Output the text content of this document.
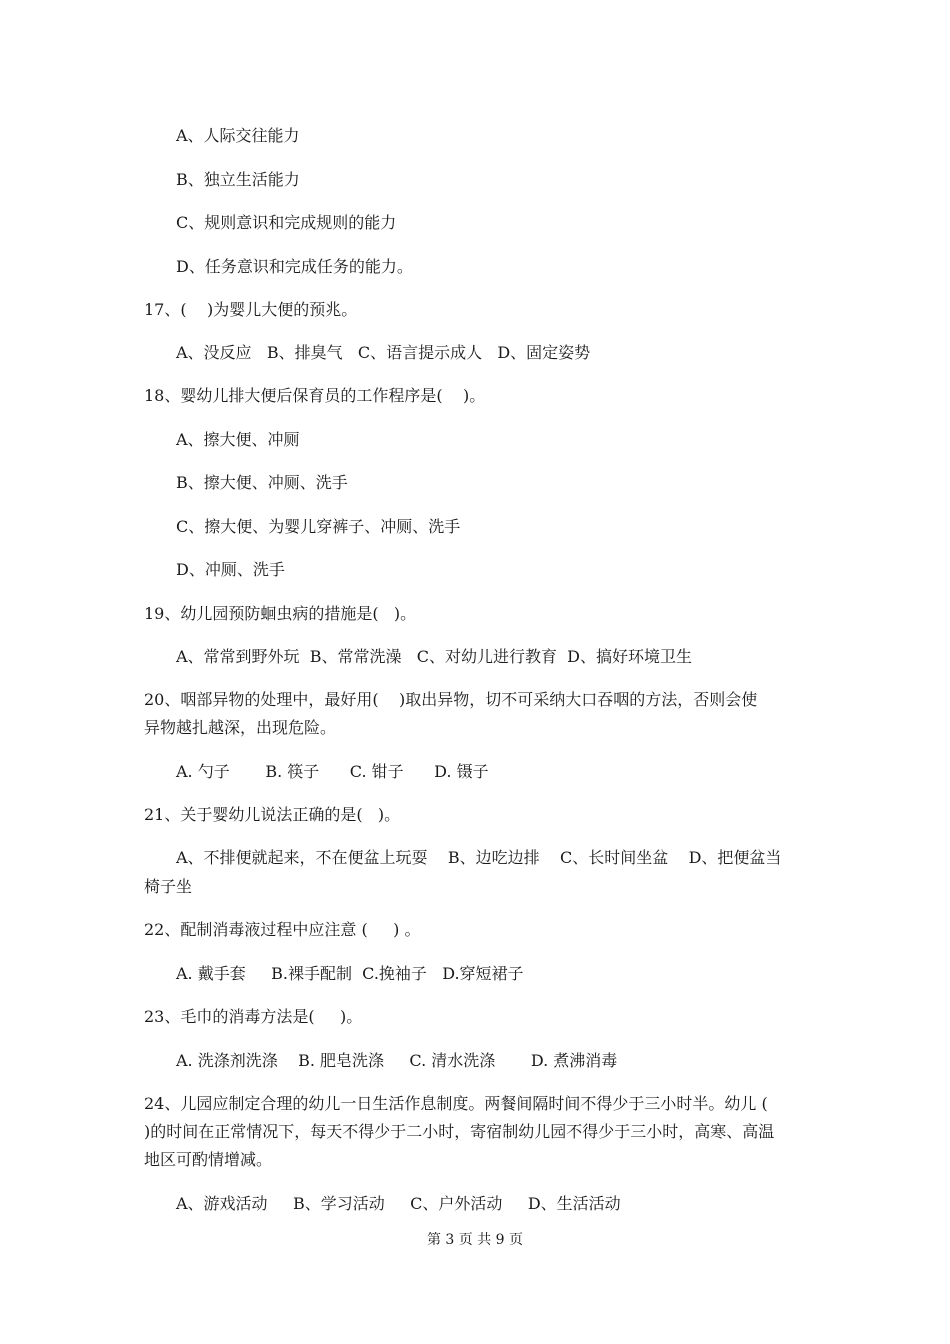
A、人际交往能力
B、独立生活能力
C、规则意识和完成规则的能力
D、任务意识和完成任务的能力。
17、(    )为婴儿大便的预兆。
A、没反应   B、排臭气   C、语言提示成人   D、固定姿势
18、婴幼儿排大便后保育员的工作程序是(    )。
A、擦大便、冲厕
B、擦大便、冲厕、洗手
C、擦大便、为婴儿穿裤子、冲厕、洗手
D、冲厕、洗手
19、幼儿园预防蛔虫病的措施是(   )。
A、常常到野外玩  B、常常洗澡   C、对幼儿进行教育  D、搞好环境卫生
20、咽部异物的处理中，最好用(    )取出异物，切不可采纳大口吞咽的方法，否则会使
异物越扎越深，出现危险。
A. 勺子       B. 筷子      C. 钳子      D. 镊子
21、关于婴幼儿说法正确的是(   )。
A、不排便就起来，不在便盆上玩耍    B、边吃边排    C、长时间坐盆    D、把便盆当
椅子坐
22、配制消毒液过程中应注意 (     ) 。
A. 戴手套     B.裸手配制  C.挽袖子   D.穿短裙子
23、毛巾的消毒方法是(     )。
A. 洗涤剂洗涤    B. 肥皂洗涤     C. 清水洗涤       D. 煮沸消毒
24、儿园应制定合理的幼儿一日生活作息制度。两餐间隔时间不得少于三小时半。幼儿 (
)的时间在正常情况下，每天不得少于二小时，寄宿制幼儿园不得少于三小时，高寒、高温
地区可酌情增减。
A、游戏活动     B、学习活动     C、户外活动     D、生活活动
第 3 页 共 9 页
